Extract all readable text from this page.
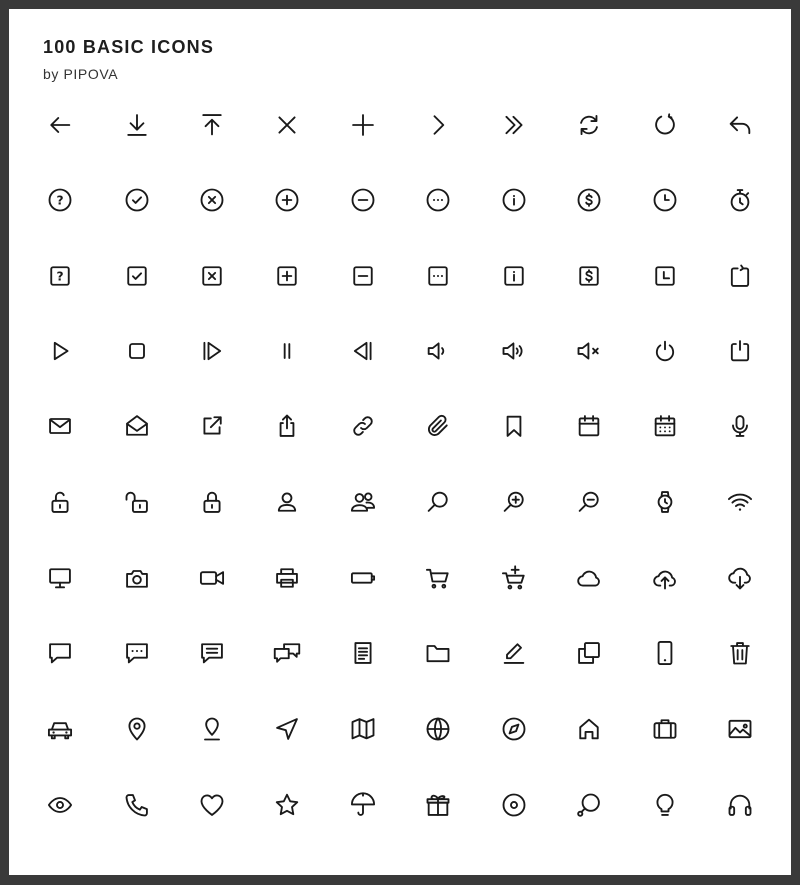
100 BASIC ICONS
by PIPOVA
?
?
